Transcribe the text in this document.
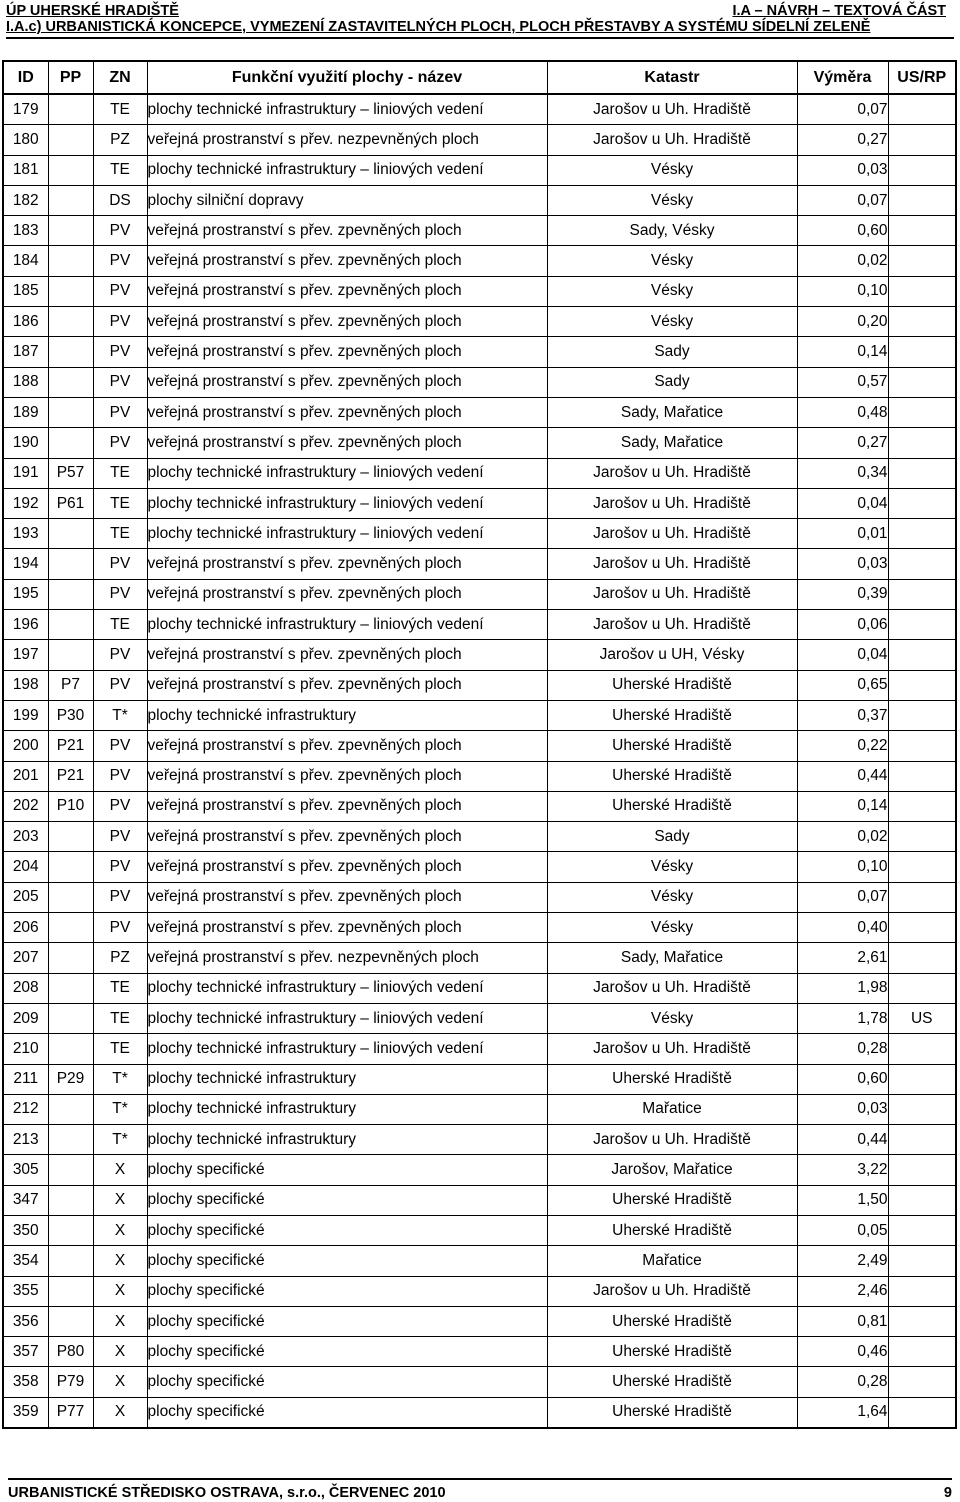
ÚP UHERSKÉ HRADIŠTĚ	I.A – NÁVRH – TEXTOVÁ ČÁST
I.A.c) URBANISTICKÁ KONCEPCE, VYMEZENÍ ZASTAVITELNÝCH PLOCH, PLOCH PŘESTAVBY A SYSTÉMU SÍDELNÍ ZELENĚ
ID	PP	ZN	Funkční využití plochy - název	Katastr	Výměra	US/RP
179		TE	plochy technické infrastruktury – liniových vedení	Jarošov u Uh. Hradiště	0,07	
180		PZ	veřejná prostranství s přev. nezpevněných ploch	Jarošov u Uh. Hradiště	0,27	
181		TE	plochy technické infrastruktury – liniových vedení	Vésky	0,03	
182		DS	plochy silniční dopravy	Vésky	0,07	
183		PV	veřejná prostranství s přev. zpevněných ploch	Sady, Vésky	0,60	
184		PV	veřejná prostranství s přev. zpevněných ploch	Vésky	0,02	
185		PV	veřejná prostranství s přev. zpevněných ploch	Vésky	0,10	
186		PV	veřejná prostranství s přev. zpevněných ploch	Vésky	0,20	
187		PV	veřejná prostranství s přev. zpevněných ploch	Sady	0,14	
188		PV	veřejná prostranství s přev. zpevněných ploch	Sady	0,57	
189		PV	veřejná prostranství s přev. zpevněných ploch	Sady, Mařatice	0,48	
190		PV	veřejná prostranství s přev. zpevněných ploch	Sady, Mařatice	0,27	
191	P57	TE	plochy technické infrastruktury – liniových vedení	Jarošov u Uh. Hradiště	0,34	
192	P61	TE	plochy technické infrastruktury – liniových vedení	Jarošov u Uh. Hradiště	0,04	
193		TE	plochy technické infrastruktury – liniových vedení	Jarošov u Uh. Hradiště	0,01	
194		PV	veřejná prostranství s přev. zpevněných ploch	Jarošov u Uh. Hradiště	0,03	
195		PV	veřejná prostranství s přev. zpevněných ploch	Jarošov u Uh. Hradiště	0,39	
196		TE	plochy technické infrastruktury – liniových vedení	Jarošov u Uh. Hradiště	0,06	
197		PV	veřejná prostranství s přev. zpevněných ploch	Jarošov u UH, Vésky	0,04	
198	P7	PV	veřejná prostranství s přev. zpevněných ploch	Uherské Hradiště	0,65	
199	P30	T*	plochy technické infrastruktury	Uherské Hradiště	0,37	
200	P21	PV	veřejná prostranství s přev. zpevněných ploch	Uherské Hradiště	0,22	
201	P21	PV	veřejná prostranství s přev. zpevněných ploch	Uherské Hradiště	0,44	
202	P10	PV	veřejná prostranství s přev. zpevněných ploch	Uherské Hradiště	0,14	
203		PV	veřejná prostranství s přev. zpevněných ploch	Sady	0,02	
204		PV	veřejná prostranství s přev. zpevněných ploch	Vésky	0,10	
205		PV	veřejná prostranství s přev. zpevněných ploch	Vésky	0,07	
206		PV	veřejná prostranství s přev. zpevněných ploch	Vésky	0,40	
207		PZ	veřejná prostranství s přev. nezpevněných ploch	Sady, Mařatice	2,61	
208		TE	plochy technické infrastruktury – liniových vedení	Jarošov u Uh. Hradiště	1,98	
209		TE	plochy technické infrastruktury – liniových vedení	Vésky	1,78	US
210		TE	plochy technické infrastruktury – liniových vedení	Jarošov u Uh. Hradiště	0,28	
211	P29	T*	plochy technické infrastruktury	Uherské Hradiště	0,60	
212		T*	plochy technické infrastruktury	Mařatice	0,03	
213		T*	plochy technické infrastruktury	Jarošov u Uh. Hradiště	0,44	
305		X	plochy specifické	Jarošov, Mařatice	3,22	
347		X	plochy specifické	Uherské Hradiště	1,50	
350		X	plochy specifické	Uherské Hradiště	0,05	
354		X	plochy specifické	Mařatice	2,49	
355		X	plochy specifické	Jarošov u Uh. Hradiště	2,46	
356		X	plochy specifické	Uherské Hradiště	0,81	
357	P80	X	plochy specifické	Uherské Hradiště	0,46	
358	P79	X	plochy specifické	Uherské Hradiště	0,28	
359	P77	X	plochy specifické	Uherské Hradiště	1,64	
URBANISTICKÉ STŘEDISKO OSTRAVA, s.r.o., ČERVENEC 2010	9
